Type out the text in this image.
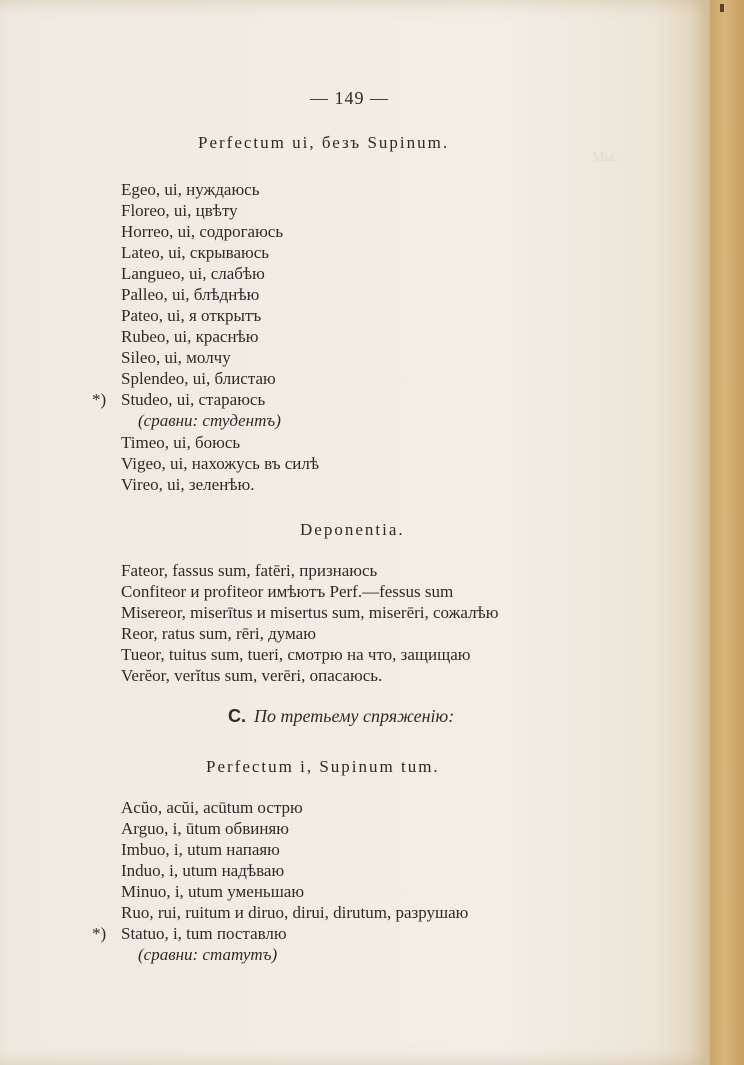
Мы.
— 149 —
Perfectum ui, безъ Supinum.
Egeo, ui, нуждаюсь
Floreo, ui, цвѣту
Horreo, ui, содрогаюсь
Lateo, ui, скрываюсь
Langueo, ui, слабѣю
Palleo, ui, блѣднѣю
Pateo, ui, я открытъ
Rubeo, ui, краснѣю
Sileo, ui, молчу
Splendeo, ui, блистаю
*) Studeo, ui, стараюсь
(сравни: студентъ)
Timeo, ui, боюсь
Vigeo, ui, нахожусь въ силѣ
Vireo, ui, зеленѣю.
Deponentia.
Fateor, fassus sum, fatēri, признаюсь
Confiteor и profiteor имѣютъ Perf.—fessus sum
Misereor, miserītus и misertus sum, miserēri, сожалѣю
Reor, ratus sum, rēri, думаю
Tueor, tuitus sum, tueri, смотрю на что, защищаю
Verĕor, verĭtus sum, verēri, опасаюсь.
C. По третьему спряженію:
Perfectum i, Supinum tum.
Acŭo, acŭi, acūtum острю
Arguo, i, ūtum обвиняю
Imbuo, i, utum напаяю
Induo, i, utum надѣваю
Minuo, i, utum уменьшаю
Ruo, rui, ruitum и diruo, dirui, dirutum, разрушаю
*) Statuo, i, tum поставлю
(сравни: статутъ)
